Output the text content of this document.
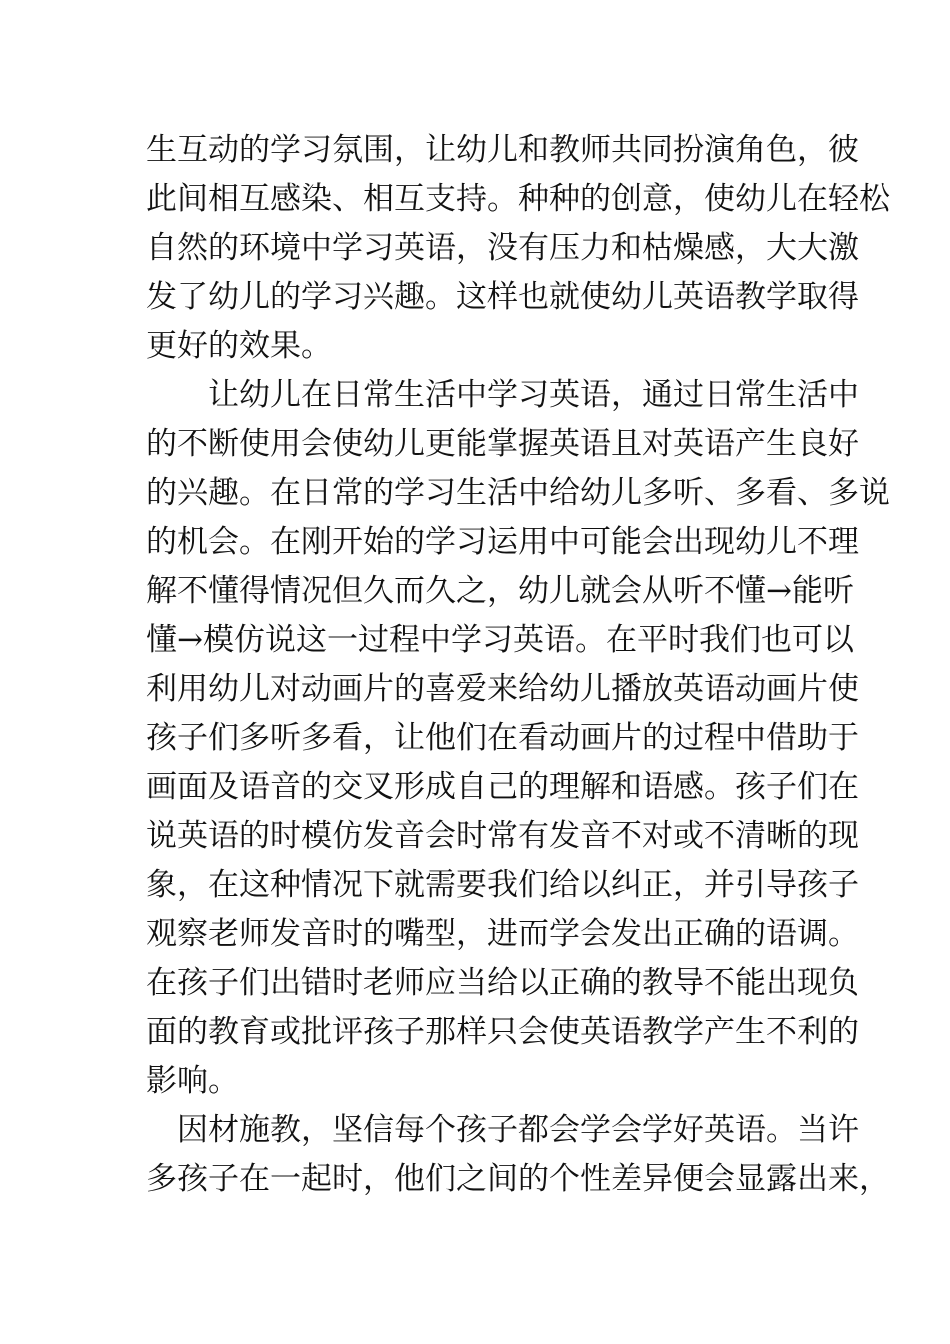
生互动的学习氛围，让幼儿和教师共同扮演角色，彼
此间相互感染、相互支持。种种的创意，使幼儿在轻松
自然的环境中学习英语，没有压力和枯燥感，大大激
发了幼儿的学习兴趣。这样也就使幼儿英语教学取得
更好的效果。
　　让幼儿在日常生活中学习英语，通过日常生活中
的不断使用会使幼儿更能掌握英语且对英语产生良好
的兴趣。在日常的学习生活中给幼儿多听、多看、多说
的机会。在刚开始的学习运用中可能会出现幼儿不理
解不懂得情况但久而久之，幼儿就会从听不懂→能听
懂→模仿说这一过程中学习英语。在平时我们也可以
利用幼儿对动画片的喜爱来给幼儿播放英语动画片使
孩子们多听多看，让他们在看动画片的过程中借助于
画面及语音的交叉形成自己的理解和语感。孩子们在
说英语的时模仿发音会时常有发音不对或不清晰的现
象，在这种情况下就需要我们给以纠正，并引导孩子
观察老师发音时的嘴型，进而学会发出正确的语调。
在孩子们出错时老师应当给以正确的教导不能出现负
面的教育或批评孩子那样只会使英语教学产生不利的
影响。
　因材施教，坚信每个孩子都会学会学好英语。当许
多孩子在一起时，他们之间的个性差异便会显露出来，
